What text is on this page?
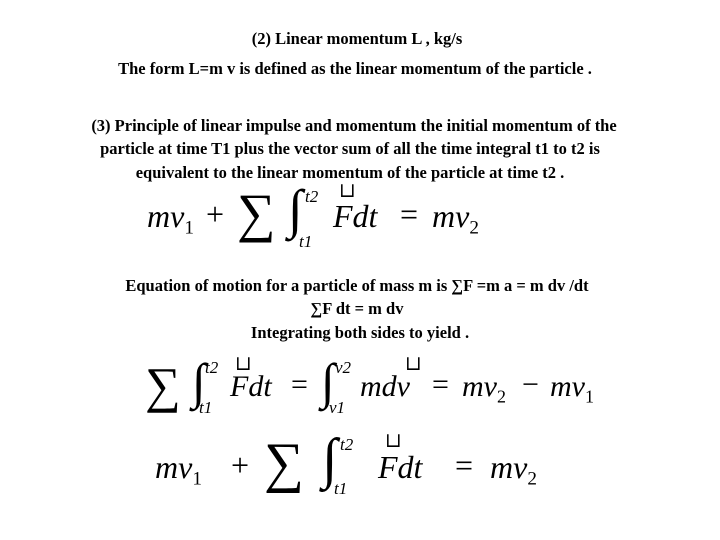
(2) Linear momentum L , kg/s
The form L=m v is defined as the linear momentum of the particle .
(3) Principle of linear impulse and momentum the initial momentum of the
particle at time T1 plus the vector sum of all the time integral t1 to t2 is
equivalent to the linear momentum of the particle at time t2 .
$mv_1$ + ∑ ∫ t2
t1
⊔
Fdt = $mv_2$
Equation of motion for a particle of mass m is ∑F =m a = m dv /dt
∑F dt = m dv
Integrating both sides to yield .
∑ ∫ t2
t1
⊔
Fdt = ∫ v2
v1
⊔
mdv = $mv_2 - mv_1$
$mv_1$ + ∑ ∫ t2
t1
⊔
Fdt = $mv_2$
